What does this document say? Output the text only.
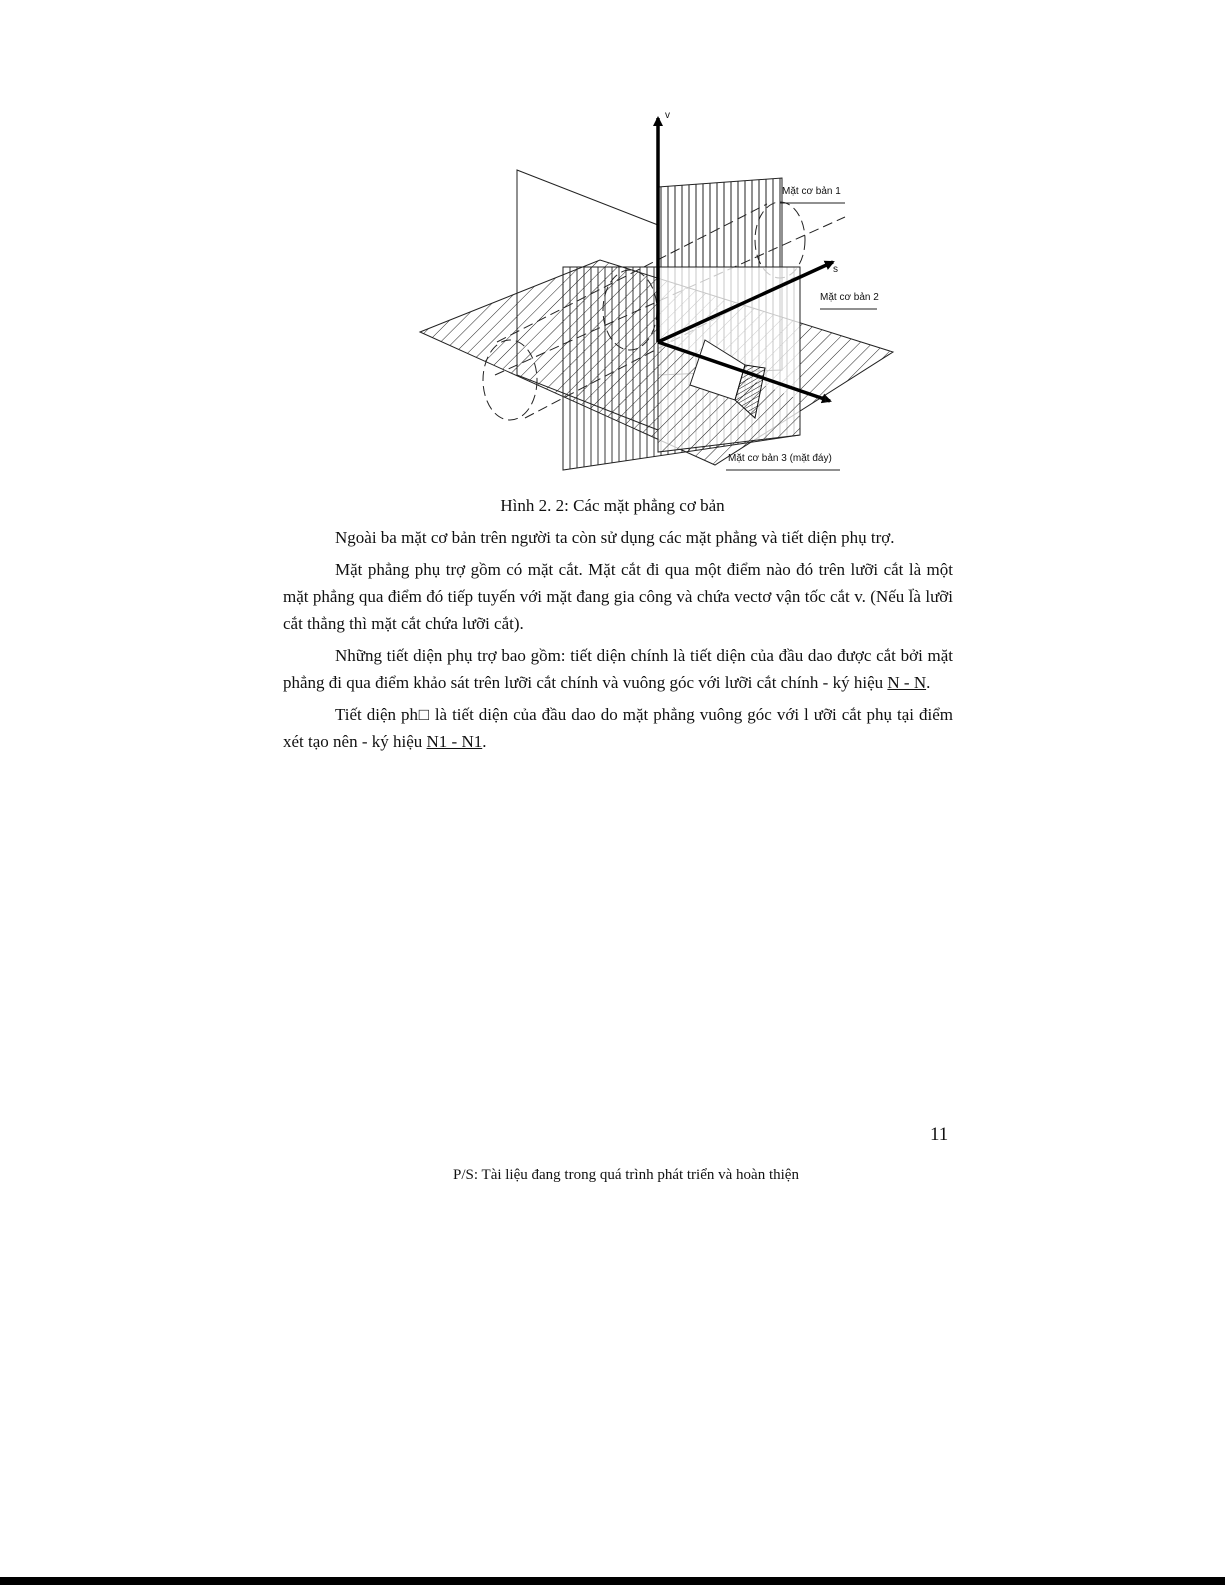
v
s
t
Mặt cơ bản 1
Mặt cơ bản 2
Mặt cơ bản 3 (mặt đáy)
Hình 2. 2: Các mặt phẳng cơ bản

Ngoài ba mặt cơ bản trên người ta còn sử dụng các mặt phẳng và tiết diện phụ trợ.

Mặt phẳng phụ trợ gồm có mặt cắt. Mặt cắt đi qua một điểm nào đó trên lưỡi cắt là một mặt phẳng qua điểm đó tiếp tuyến với mặt đang gia công và chứa vectơ vận tốc cắt → v. (Nếu là lưỡi cắt thẳng thì mặt cắt chứa lưỡi cắt).

Những tiết diện phụ trợ bao gồm: tiết diện chính là tiết diện của đầu dao được cắt bởi mặt phẳng đi qua điểm khảo sát trên lưỡi cắt chính và vuông góc với lưỡi cắt chính - ký hiệu N - N.

Tiết diện ph□ là tiết diện của đầu dao do mặt phẳng vuông góc với l ưỡi cắt phụ tại điểm xét tạo nên - ký hiệu N1 - N1.

11
P/S: Tài liệu đang trong quá trình phát triển và hoàn thiện
